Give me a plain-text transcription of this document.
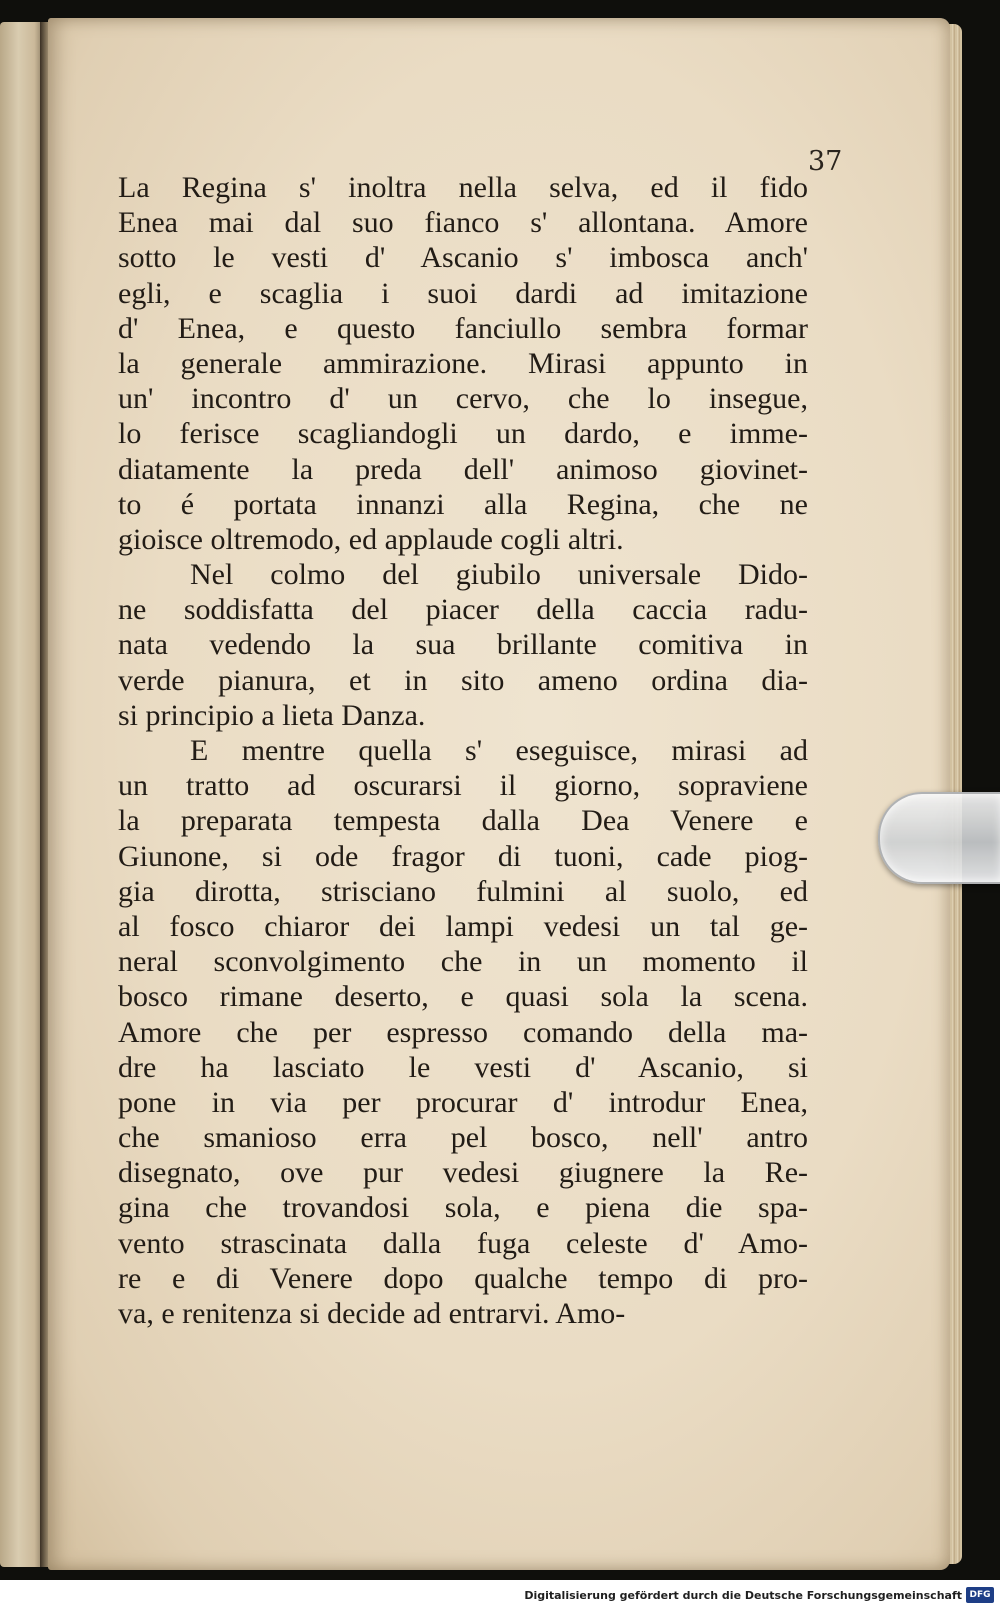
37
La Regina s' inoltra nella selva, ed il fido
Enea mai dal suo fianco s' allontana. Amore
sotto le vesti d' Ascanio s' imbosca anch'
egli, e scaglia i suoi dardi ad imitazione
d' Enea, e questo fanciullo sembra formar
la generale ammirazione. Mirasi appunto in
un' incontro d' un cervo, che lo insegue,
lo ferisce scagliandogli un dardo, e imme-
diatamente la preda dell' animoso giovinet-
to é portata innanzi alla Regina, che ne
gioisce oltremodo, ed applaude cogli altri.
Nel colmo del giubilo universale Dido-
ne soddisfatta del piacer della caccia radu-
nata vedendo la sua brillante comitiva in
verde pianura, et in sito ameno ordina dia-
si principio a lieta Danza.
E mentre quella s' eseguisce, mirasi ad
un tratto ad oscurarsi il giorno, sopraviene
la preparata tempesta dalla Dea Venere e
Giunone, si ode fragor di tuoni, cade piog-
gia dirotta, strisciano fulmini al suolo, ed
al fosco chiaror dei lampi vedesi un tal ge-
neral sconvolgimento che in un momento il
bosco rimane deserto, e quasi sola la scena.
Amore che per espresso comando della ma-
dre ha lasciato le vesti d' Ascanio, si
pone in via per procurar d' introdur Enea,
che smanioso erra pel bosco, nell' antro
disegnato, ove pur vedesi giugnere la Re-
gina che trovandosi sola, e piena die spa-
vento strascinata dalla fuga celeste d' Amo-
re e di Venere dopo qualche tempo di pro-
va, e renitenza si decide ad entrarvi. Amo-
Digitalisierung gefördert durch die Deutsche Forschungsgemeinschaft DFG
